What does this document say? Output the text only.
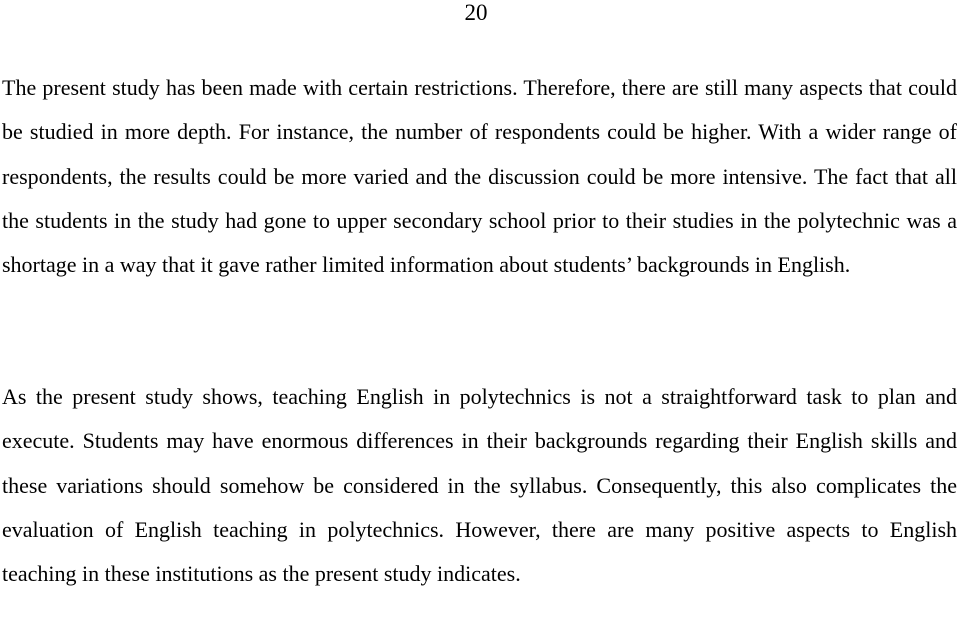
20

The present study has been made with certain restrictions. Therefore, there are still many aspects that could be studied in more depth. For instance, the number of respondents could be higher. With a wider range of respondents, the results could be more varied and the discussion could be more intensive. The fact that all the students in the study had gone to upper secondary school prior to their studies in the polytechnic was a shortage in a way that it gave rather limited information about students’ backgrounds in English.

As the present study shows, teaching English in polytechnics is not a straightforward task to plan and execute. Students may have enormous differences in their backgrounds regarding their English skills and these variations should somehow be considered in the syllabus. Consequently, this also complicates the evaluation of English teaching in polytechnics. However, there are many positive aspects to English teaching in these institutions as the present study indicates.
